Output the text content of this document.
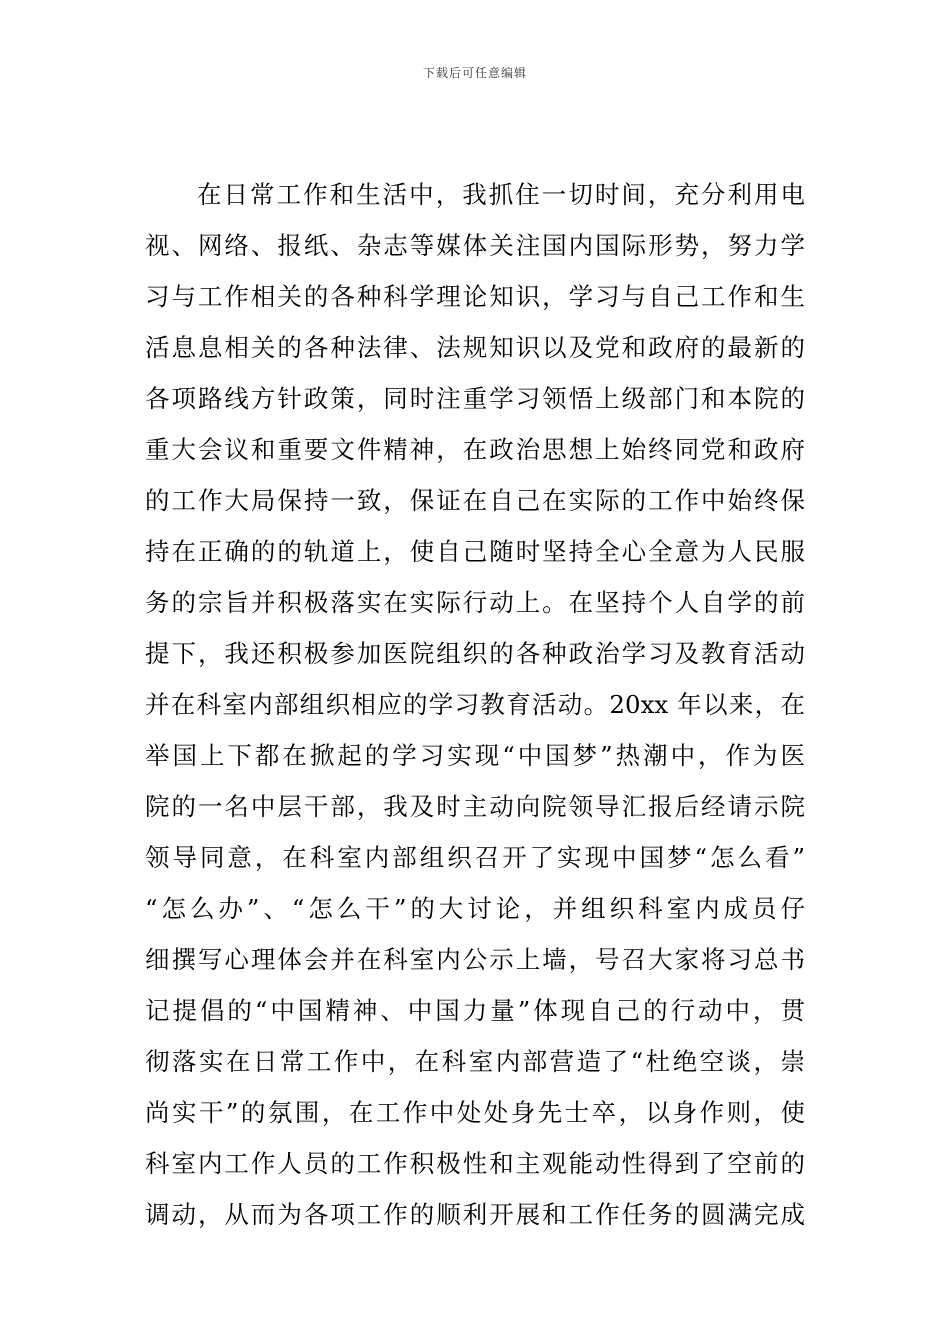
下载后可任意编辑
在日常工作和生活中，我抓住一切时间，充分利用电
视、网络、报纸、杂志等媒体关注国内国际形势，努力学
习与工作相关的各种科学理论知识，学习与自己工作和生
活息息相关的各种法律、法规知识以及党和政府的最新的
各项路线方针政策，同时注重学习领悟上级部门和本院的
重大会议和重要文件精神，在政治思想上始终同党和政府
的工作大局保持一致，保证在自己在实际的工作中始终保
持在正确的的轨道上，使自己随时坚持全心全意为人民服
务的宗旨并积极落实在实际行动上。在坚持个人自学的前
提下，我还积极参加医院组织的各种政治学习及教育活动
并在科室内部组织相应的学习教育活动。20xx 年以来，在
举国上下都在掀起的学习实现“中国梦”热潮中，作为医
院的一名中层干部，我及时主动向院领导汇报后经请示院
领导同意，在科室内部组织召开了实现中国梦“怎么看”
“怎么办”、“怎么干”的大讨论，并组织科室内成员仔
细撰写心理体会并在科室内公示上墙，号召大家将习总书
记提倡的“中国精神、中国力量”体现自己的行动中，贯
彻落实在日常工作中，在科室内部营造了“杜绝空谈，崇
尚实干”的氛围，在工作中处处身先士卒，以身作则，使
科室内工作人员的工作积极性和主观能动性得到了空前的
调动，从而为各项工作的顺利开展和工作任务的圆满完成
